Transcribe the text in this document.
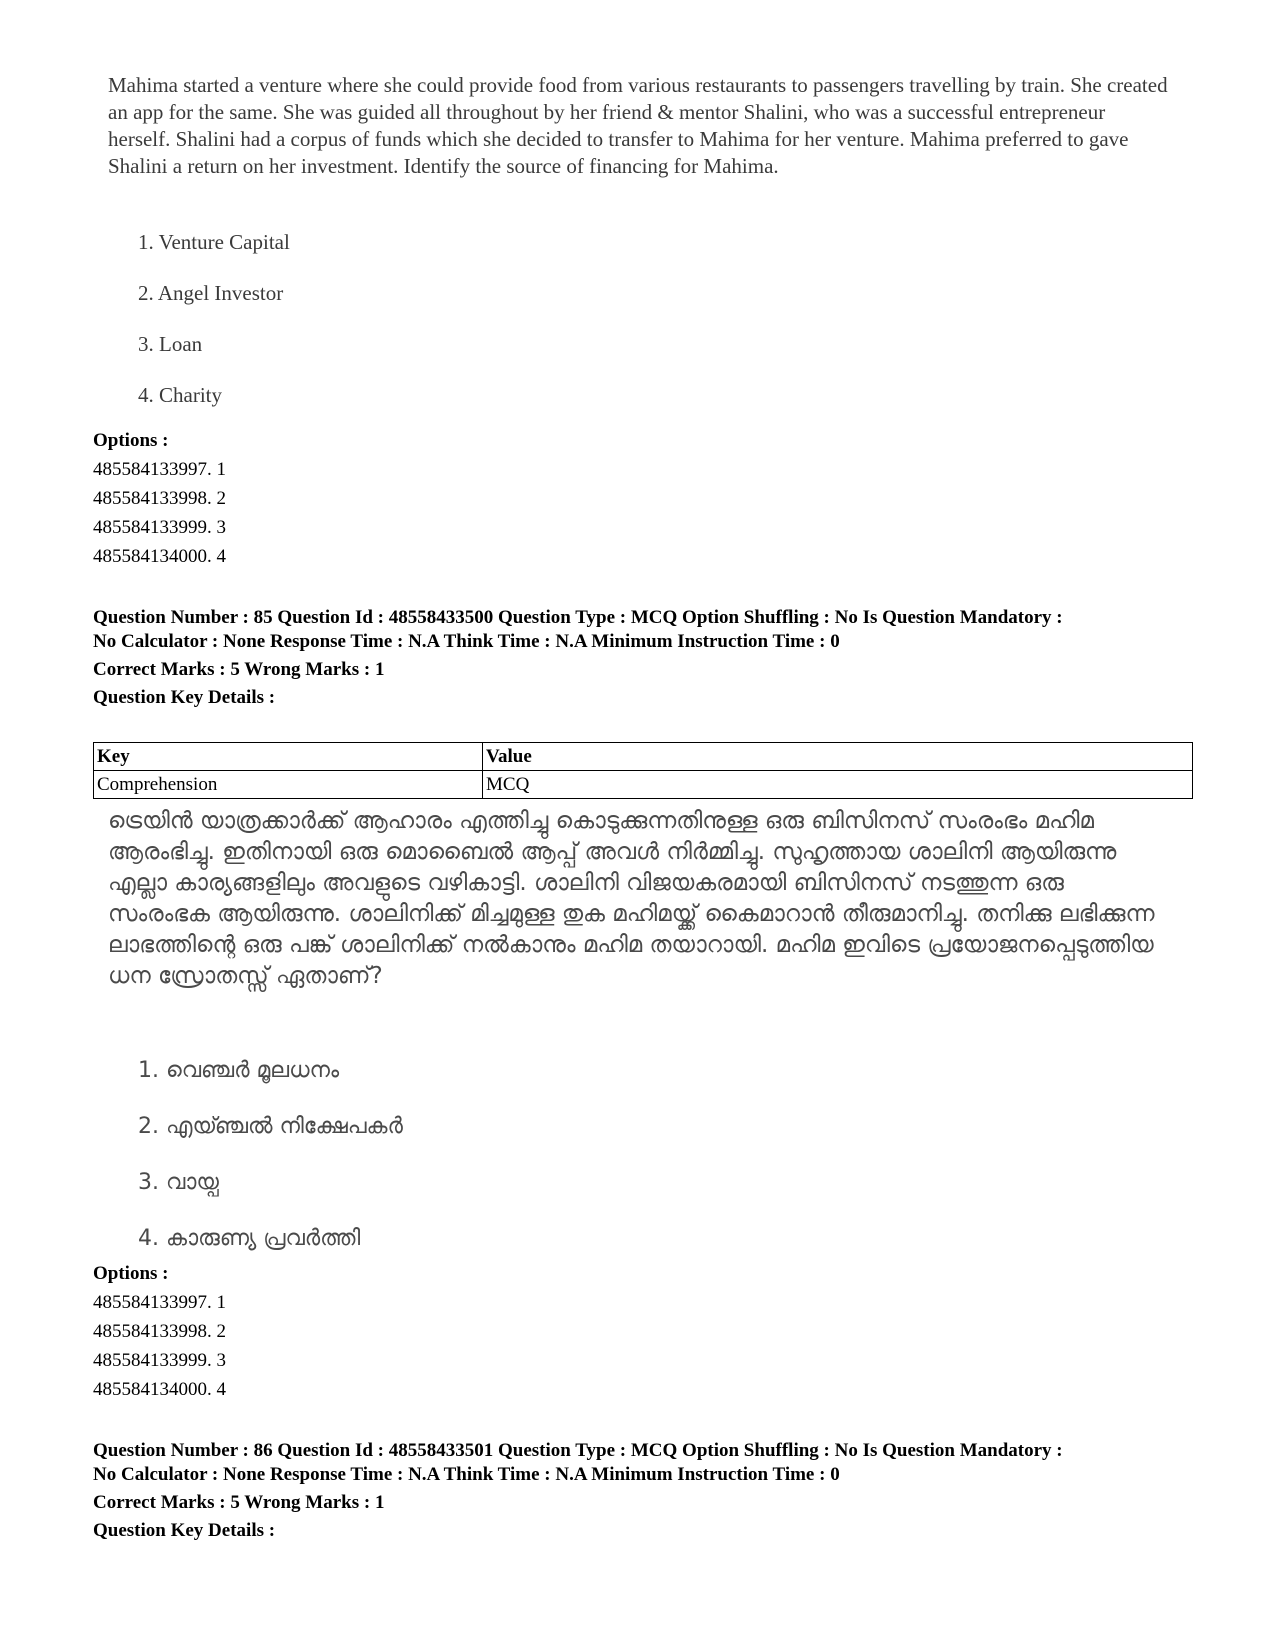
Mahima started a venture where she could provide food from various restaurants to passengers travelling by train. She created an app for the same. She was guided all throughout by her friend & mentor Shalini, who was a successful entrepreneur herself. Shalini had a corpus of funds which she decided to transfer to Mahima for her venture. Mahima preferred to gave Shalini a return on her investment. Identify the source of financing for Mahima.

1. Venture Capital
2. Angel Investor
3. Loan
4. Charity

Options :

485584133997. 1
485584133998. 2
485584133999. 3
485584134000. 4
Question Number : 85 Question Id : 48558433500 Question Type : MCQ Option Shuffling : No Is Question Mandatory :
No Calculator : None Response Time : N.A Think Time : N.A Minimum Instruction Time : 0

Correct Marks : 5 Wrong Marks : 1

Question Key Details :

Key	Value
Comprehension	MCQ

ട്രെയിൻ യാത്രക്കാർക്ക് ആഹാരം എത്തിച്ചു കൊടുക്കുന്നതിനുള്ള ഒരു ബിസിനസ് സംരംഭം മഹിമ ആരംഭിച്ചു. ഇതിനായി ഒരു മൊബൈൽ ആപ്പ് അവൾ നിർമ്മിച്ചു. സുഹൃത്തായ ശാലിനി ആയിരുന്നു എല്ലാ കാര്യങ്ങളിലും അവളുടെ വഴികാട്ടി. ശാലിനി വിജയകരമായി ബിസിനസ് നടത്തുന്ന ഒരു സംരംഭക ആയിരുന്നു. ശാലിനിക്ക് മിച്ചമുള്ള തുക മഹിമയ്ക്ക് കൈമാറാൻ തീരുമാനിച്ചു. തനിക്കു ലഭിക്കുന്ന ലാഭത്തിന്റെ ഒരു പങ്ക് ശാലിനിക്ക് നൽകാനും മഹിമ തയാറായി. മഹിമ ഇവിടെ പ്രയോജനപ്പെടുത്തിയ ധന സ്രോതസ്സ് ഏതാണ്?

1. വെഞ്ചർ മൂലധനം
2. എയ്ഞ്ചൽ നിക്ഷേപകർ
3. വായ്പ
4. കാരുണ്യ പ്രവർത്തി

Options :

485584133997. 1
485584133998. 2
485584133999. 3
485584134000. 4
Question Number : 86 Question Id : 48558433501 Question Type : MCQ Option Shuffling : No Is Question Mandatory :
No Calculator : None Response Time : N.A Think Time : N.A Minimum Instruction Time : 0

Correct Marks : 5 Wrong Marks : 1

Question Key Details :
